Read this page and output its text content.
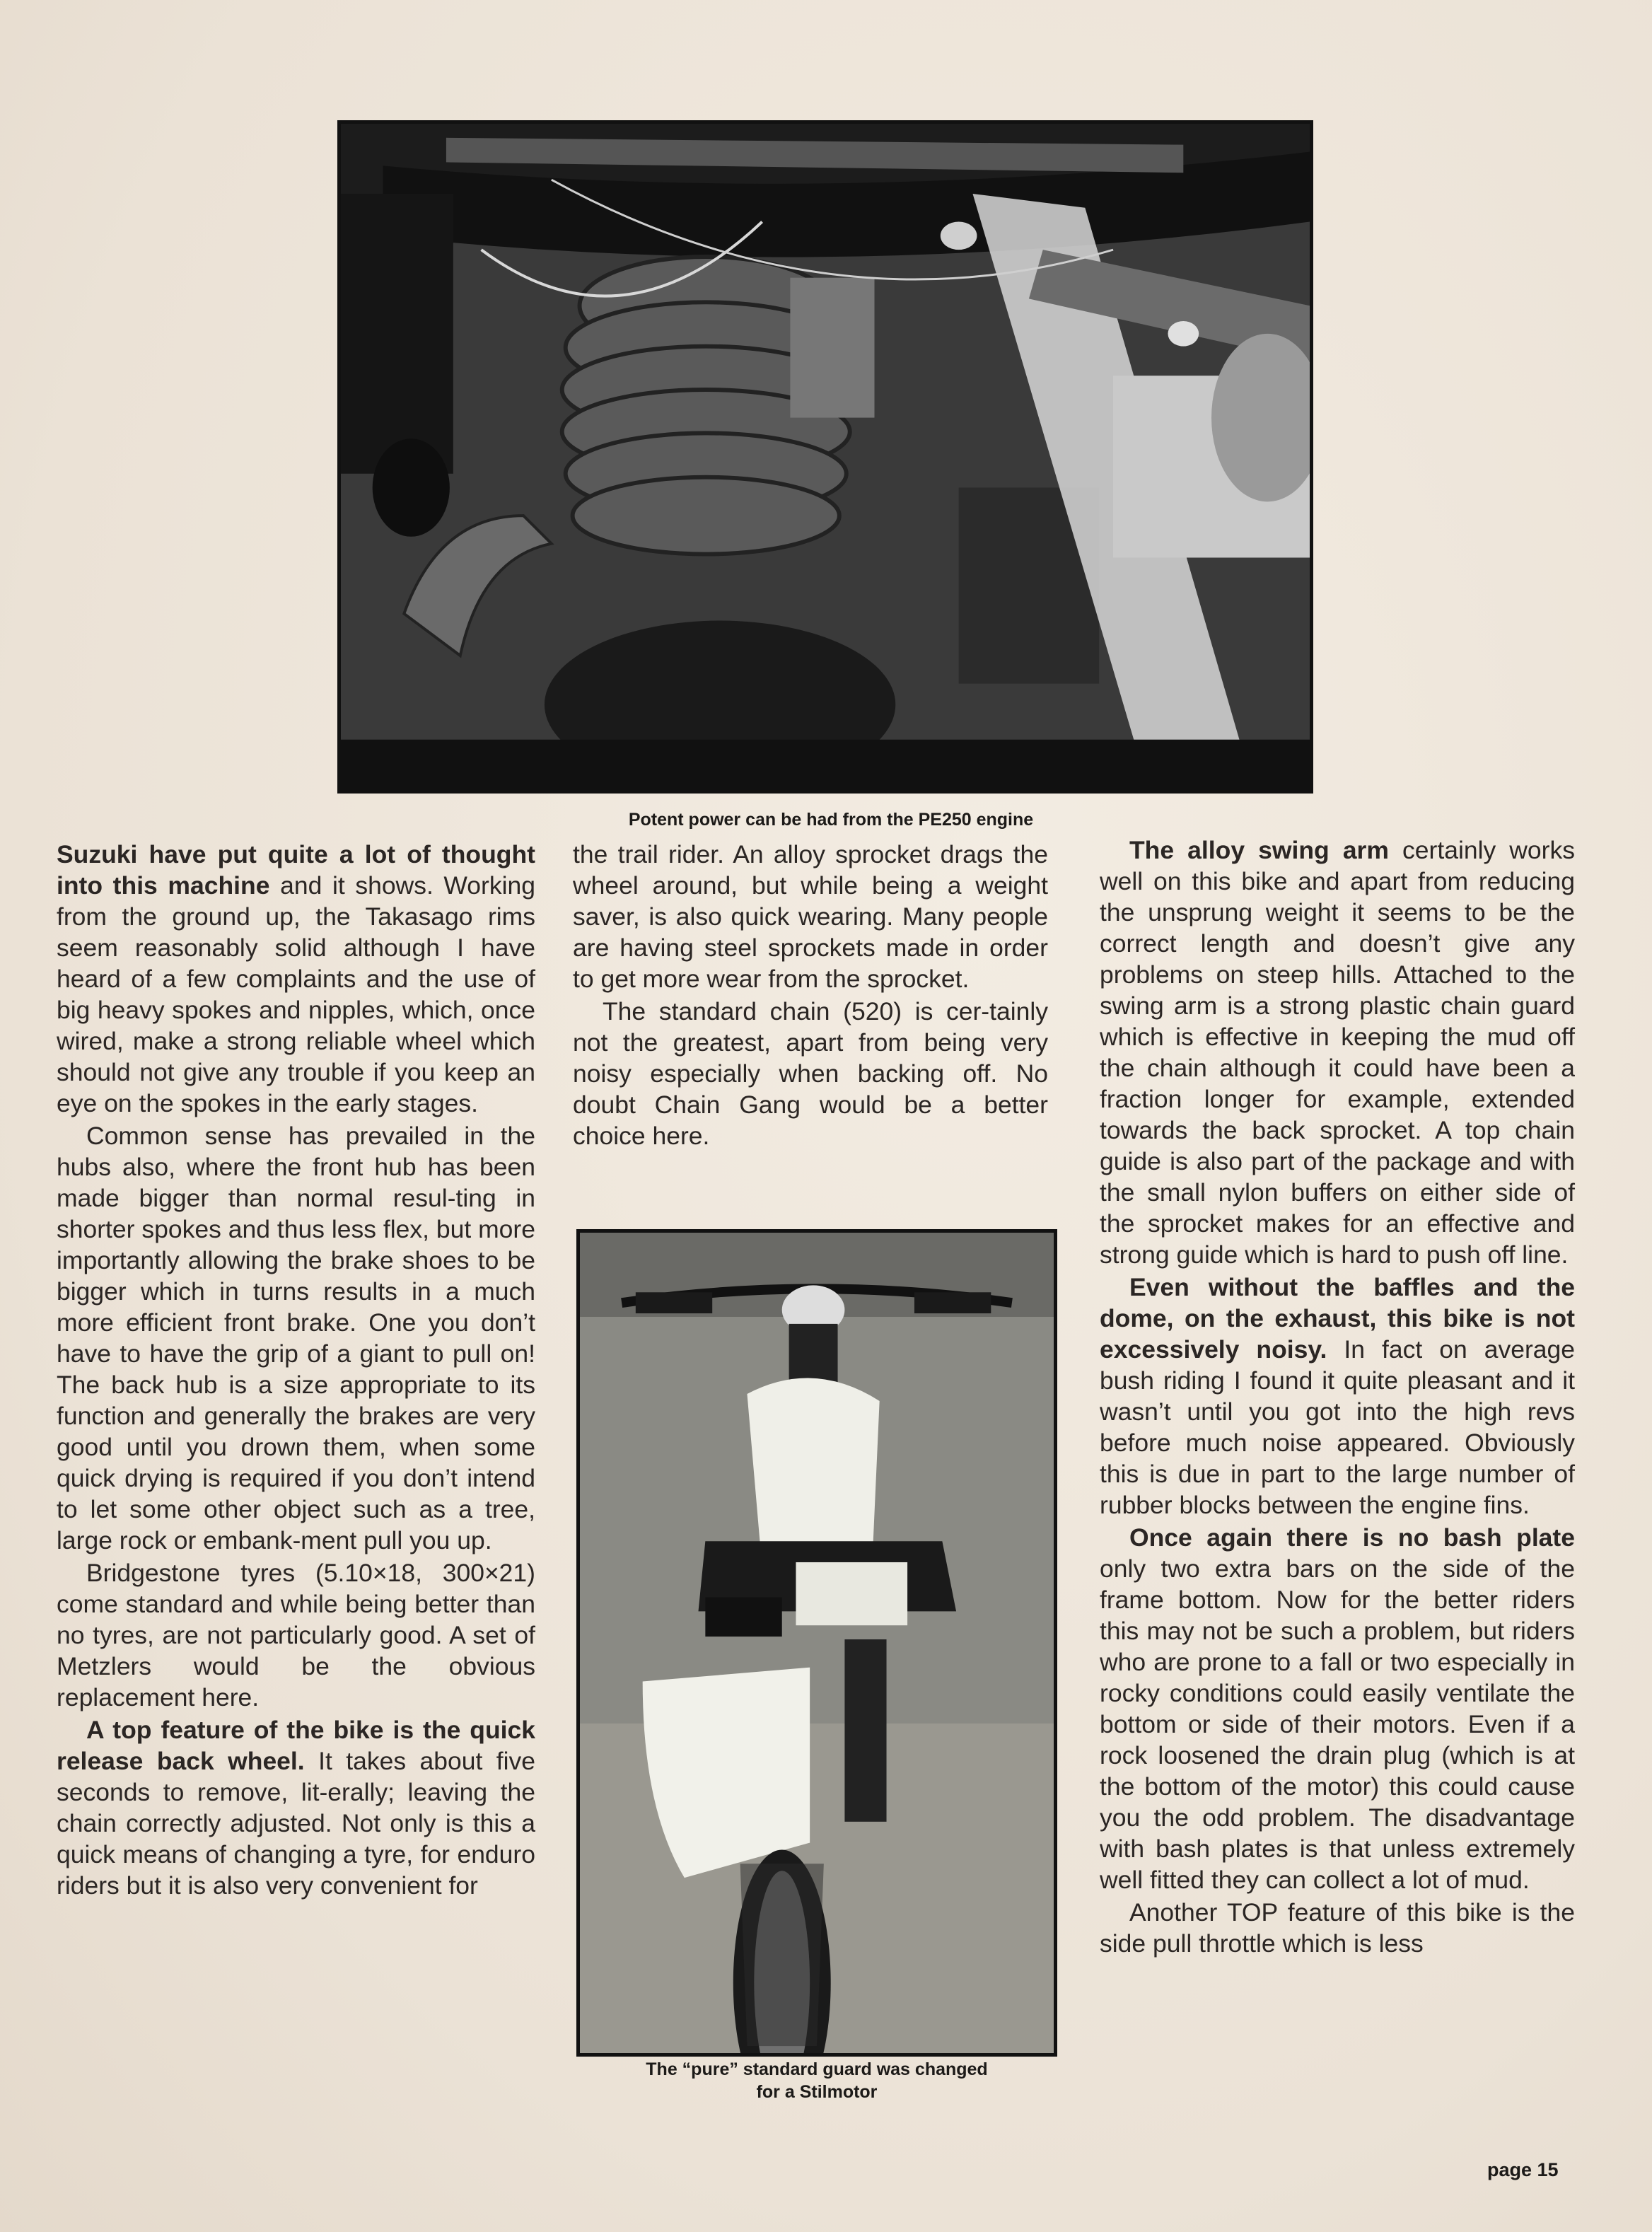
Potent power can be had from the PE250 engine

Suzuki have put quite a lot of thought into this machine and it shows. Working from the ground up, the Takasago rims seem reasonably solid although I have heard of a few complaints and the use of big heavy spokes and nipples, which, once wired, make a strong reliable wheel which should not give any trouble if you keep an eye on the spokes in the early stages.

Common sense has prevailed in the hubs also, where the front hub has been made bigger than normal resul-ting in shorter spokes and thus less flex, but more importantly allowing the brake shoes to be bigger which in turns results in a much more efficient front brake. One you don’t have to have the grip of a giant to pull on! The back hub is a size appropriate to its function and generally the brakes are very good until you drown them, when some quick drying is required if you don’t intend to let some other object such as a tree, large rock or embank-ment pull you up.

Bridgestone tyres (5.10×18, 300×21) come standard and while being better than no tyres, are not particularly good. A set of Metzlers would be the obvious replacement here.

A top feature of the bike is the quick release back wheel. It takes about five seconds to remove, lit-erally; leaving the chain correctly adjusted. Not only is this a quick means of changing a tyre, for enduro riders but it is also very convenient for

the trail rider. An alloy sprocket drags the wheel around, but while being a weight saver, is also quick wearing. Many people are having steel sprockets made in order to get more wear from the sprocket.

The standard chain (520) is cer-tainly not the greatest, apart from being very noisy especially when backing off. No doubt Chain Gang would be a better choice here.

The “pure” standard guard was changed
for a Stilmotor

The alloy swing arm certainly works well on this bike and apart from reducing the unsprung weight it seems to be the correct length and doesn’t give any problems on steep hills. Attached to the swing arm is a strong plastic chain guard which is effective in keeping the mud off the chain although it could have been a fraction longer for example, extended towards the back sprocket. A top chain guide is also part of the package and with the small nylon buffers on either side of the sprocket makes for an effective and strong guide which is hard to push off line.

Even without the baffles and the dome, on the exhaust, this bike is not excessively noisy. In fact on average bush riding I found it quite pleasant and it wasn’t until you got into the high revs before much noise appeared. Obviously this is due in part to the large number of rubber blocks between the engine fins.

Once again there is no bash plate only two extra bars on the side of the frame bottom. Now for the better riders this may not be such a problem, but riders who are prone to a fall or two especially in rocky conditions could easily ventilate the bottom or side of their motors. Even if a rock loosened the drain plug (which is at the bottom of the motor) this could cause you the odd problem. The disadvantage with bash plates is that unless extremely well fitted they can collect a lot of mud.

Another TOP feature of this bike is the side pull throttle which is less

page 15
